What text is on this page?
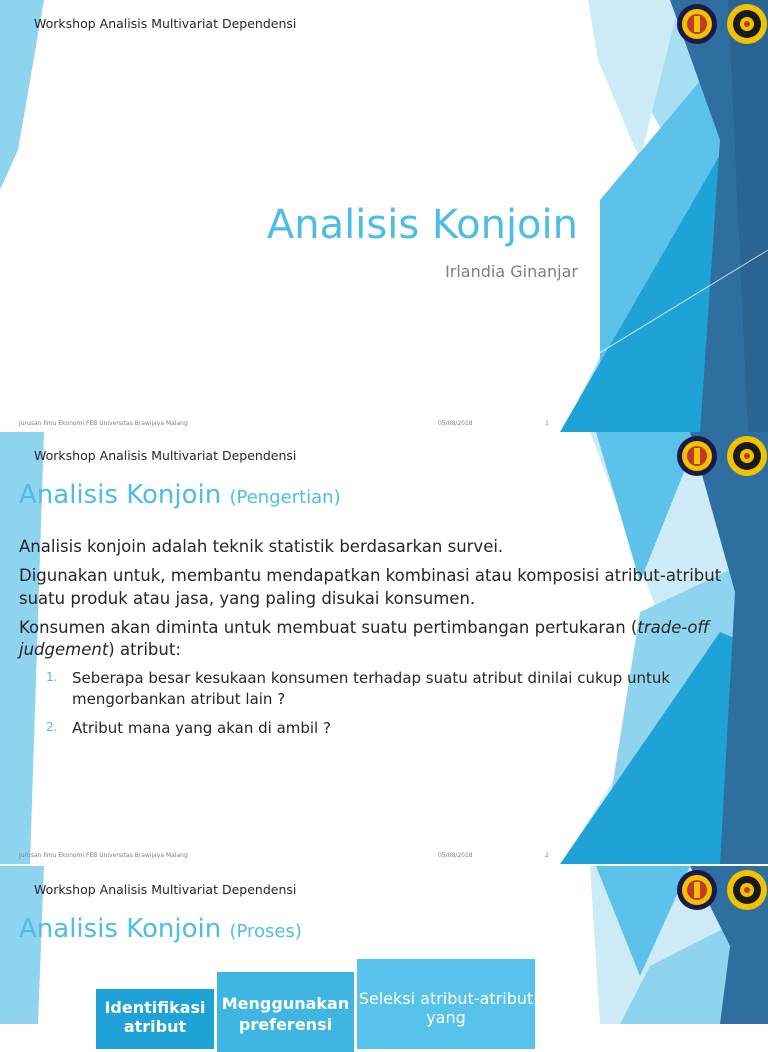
Workshop Analisis Multivariat Dependensi
Analisis Konjoin
Irlandia Ginanjar
Jurusan Ilmu Ekonomi FEB Universitas Brawijaya Malang	05/08/2018	1
Workshop Analisis Multivariat Dependensi
Analisis Konjoin (Pengertian)

Analisis konjoin adalah teknik statistik berdasarkan survei.

Digunakan untuk, membantu mendapatkan kombinasi atau komposisi atribut-atribut suatu produk atau jasa, yang paling disukai konsumen.

Konsumen akan diminta untuk membuat suatu pertimbangan pertukaran (trade-off judgement) atribut:

1. Seberapa besar kesukaan konsumen terhadap suatu atribut dinilai cukup untuk mengorbankan atribut lain ?
2. Atribut mana yang akan di ambil ?
Jurusan Ilmu Ekonomi FEB Universitas Brawijaya Malang	05/08/2018	2
Workshop Analisis Multivariat Dependensi
Analisis Konjoin (Proses)
Identifikasi atribut
Menggunakan preferensi
Seleksi atribut-atribut yang
